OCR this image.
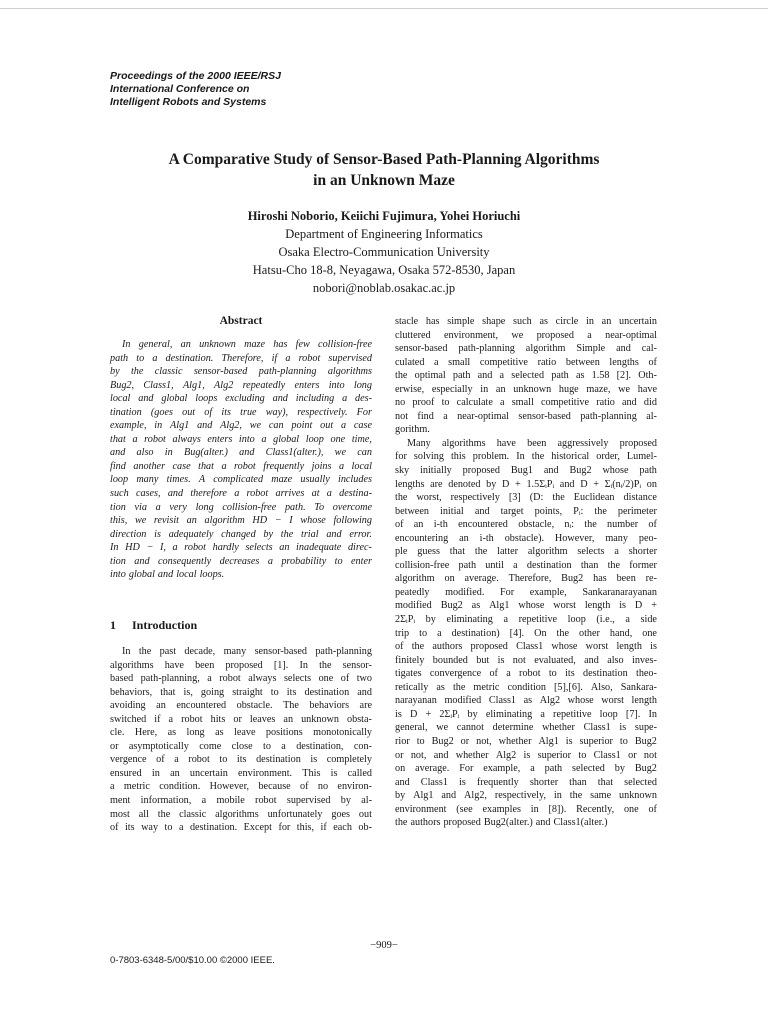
Proceedings of the 2000 IEEE/RSJ
International Conference on
Intelligent Robots and Systems
A Comparative Study of Sensor-Based Path-Planning Algorithms
in an Unknown Maze
Hiroshi Noborio, Keiichi Fujimura, Yohei Horiuchi
Department of Engineering Informatics
Osaka Electro-Communication University
Hatsu-Cho 18-8, Neyagawa, Osaka 572-8530, Japan
nobori@noblab.osakac.ac.jp
Abstract
In general, an unknown maze has few collision-free
path to a destination. Therefore, if a robot supervised
by the classic sensor-based path-planning algorithms
Bug2, Class1, Alg1, Alg2 repeatedly enters into long
local and global loops excluding and including a des-
tination (goes out of its true way), respectively. For
example, in Alg1 and Alg2, we can point out a case
that a robot always enters into a global loop one time,
and also in Bug(alter.) and Class1(alter.), we can
find another case that a robot frequently joins a local
loop many times. A complicated maze usually includes
such cases, and therefore a robot arrives at a destina-
tion via a very long collision-free path. To overcome
this, we revisit an algorithm HD − I whose following
direction is adequately changed by the trial and error.
In HD − I, a robot hardly selects an inadequate direc-
tion and consequently decreases a probability to enter
into global and local loops.
1 Introduction
In the past decade, many sensor-based path-planning
algorithms have been proposed [1]. In the sensor-
based path-planning, a robot always selects one of two
behaviors, that is, going straight to its destination and
avoiding an encountered obstacle. The behaviors are
switched if a robot hits or leaves an unknown obsta-
cle. Here, as long as leave positions monotonically
or asymptotically come close to a destination, con-
vergence of a robot to its destination is completely
ensured in an uncertain environment. This is called
a metric condition. However, because of no environ-
ment information, a mobile robot supervised by al-
most all the classic algorithms unfortunately goes out
of its way to a destination. Except for this, if each ob-
stacle has simple shape such as circle in an uncertain
cluttered environment, we proposed a near-optimal
sensor-based path-planning algorithm Simple and cal-
culated a small competitive ratio between lengths of
the optimal path and a selected path as 1.58 [2]. Oth-
erwise, especially in an unknown huge maze, we have
no proof to calculate a small competitive ratio and did
not find a near-optimal sensor-based path-planning al-
gorithm.
Many algorithms have been aggressively proposed
for solving this problem. In the historical order, Lumel-
sky initially proposed Bug1 and Bug2 whose path
lengths are denoted by D + 1.5ΣᵢPᵢ and D + Σᵢ(nᵢ/2)Pᵢ on
the worst, respectively [3] (D: the Euclidean distance
between initial and target points, Pᵢ: the perimeter
of an i-th encountered obstacle, nᵢ: the number of
encountering an i-th obstacle). However, many peo-
ple guess that the latter algorithm selects a shorter
collision-free path until a destination than the former
algorithm on average. Therefore, Bug2 has been re-
peatedly modified. For example, Sankaranarayanan
modified Bug2 as Alg1 whose worst length is D +
2ΣᵢPᵢ by eliminating a repetitive loop (i.e., a side
trip to a destination) [4]. On the other hand, one
of the authors proposed Class1 whose worst length is
finitely bounded but is not evaluated, and also inves-
tigates convergence of a robot to its destination theo-
retically as the metric condition [5],[6]. Also, Sankara-
narayanan modified Class1 as Alg2 whose worst length
is D + 2ΣᵢPᵢ by eliminating a repetitive loop [7]. In
general, we cannot determine whether Class1 is supe-
rior to Bug2 or not, whether Alg1 is superior to Bug2
or not, and whether Alg2 is superior to Class1 or not
on average. For example, a path selected by Bug2
and Class1 is frequently shorter than that selected
by Alg1 and Alg2, respectively, in the same unknown
environment (see examples in [8]). Recently, one of
the authors proposed Bug2(alter.) and Class1(alter.)
−909−
0-7803-6348-5/00/$10.00 ©2000 IEEE.
